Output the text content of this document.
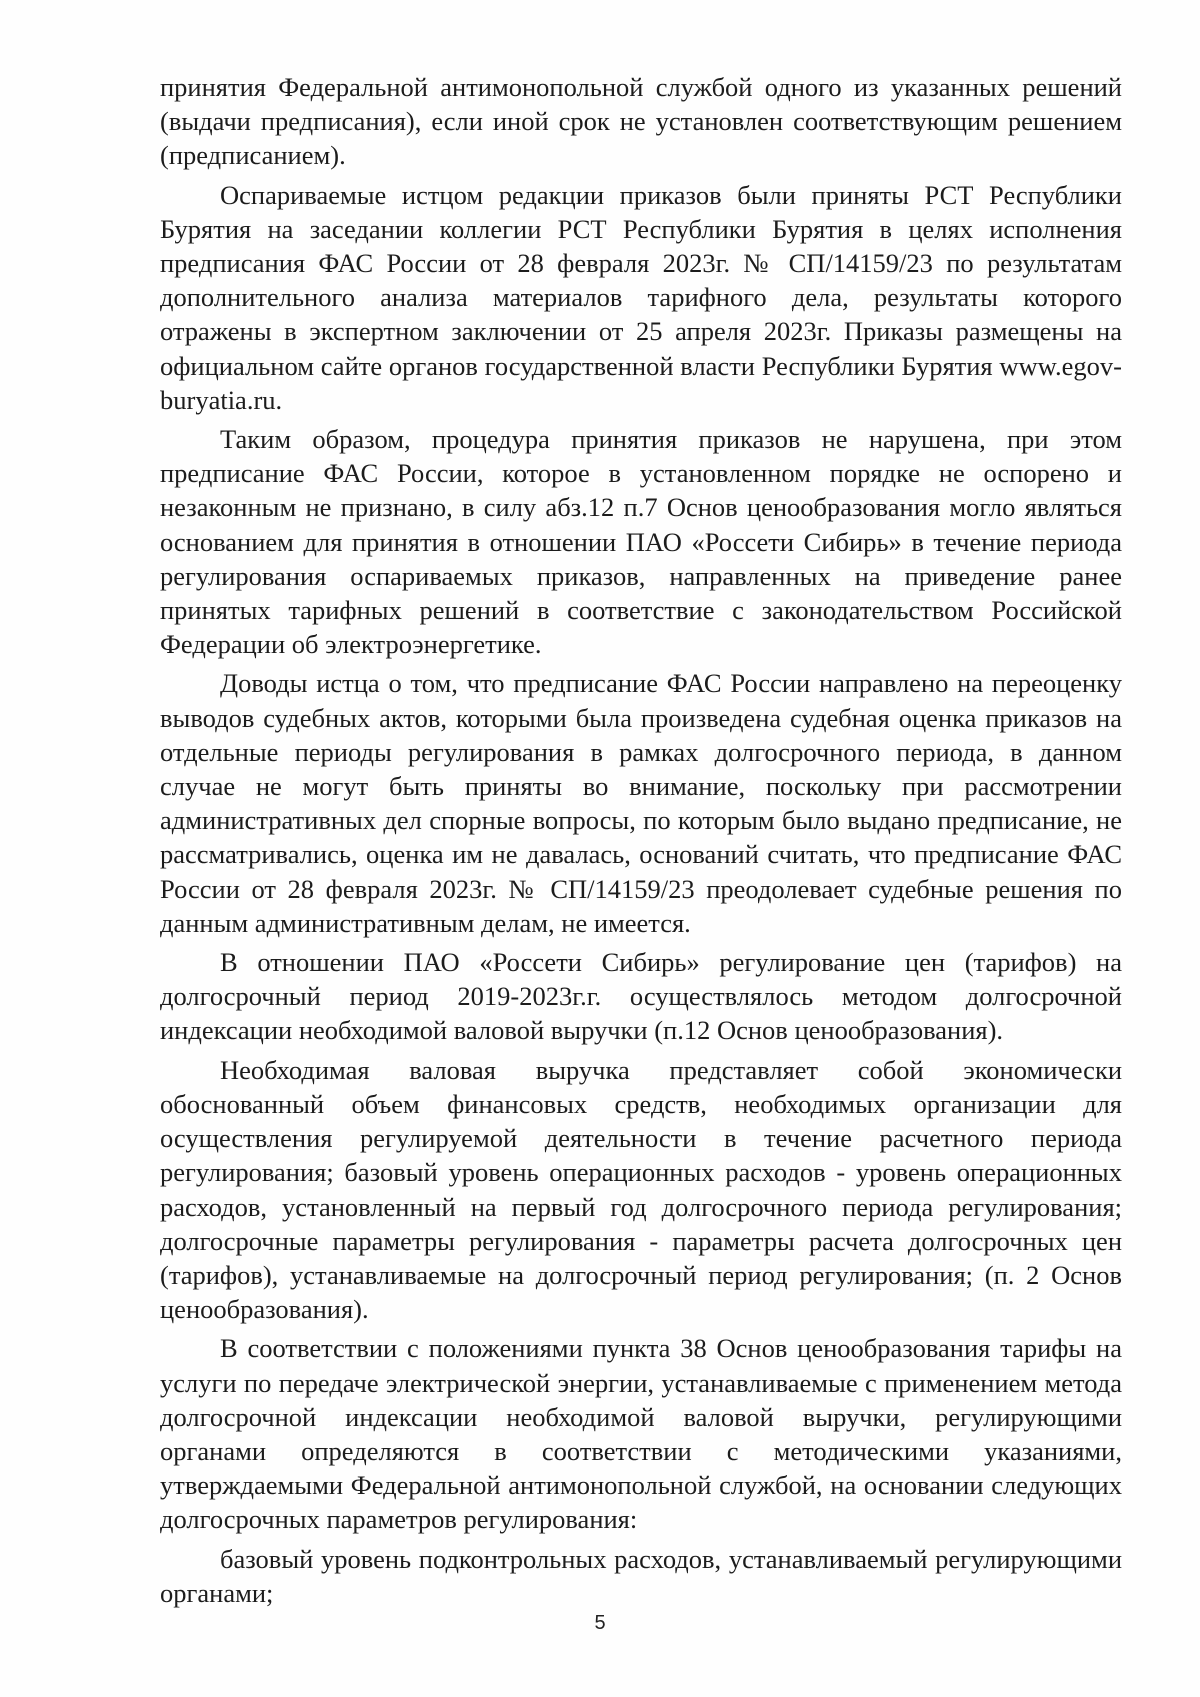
принятия Федеральной антимонопольной службой одного из указанных решений (выдачи предписания), если иной срок не установлен соответствующим решением (предписанием).

Оспариваемые истцом редакции приказов были приняты РСТ Республики Бурятия на заседании коллегии РСТ Республики Бурятия в целях исполнения предписания ФАС России от 28 февраля 2023г. № СП/14159/23 по результатам дополнительного анализа материалов тарифного дела, результаты которого отражены в экспертном заключении от 25 апреля 2023г. Приказы размещены на официальном сайте органов государственной власти Республики Бурятия www.egov-buryatia.ru.

Таким образом, процедура принятия приказов не нарушена, при этом предписание ФАС России, которое в установленном порядке не оспорено и незаконным не признано, в силу абз.12 п.7 Основ ценообразования могло являться основанием для принятия в отношении ПАО «Россети Сибирь» в течение периода регулирования оспариваемых приказов, направленных на приведение ранее принятых тарифных решений в соответствие с законодательством Российской Федерации об электроэнергетике.

Доводы истца о том, что предписание ФАС России направлено на переоценку выводов судебных актов, которыми была произведена судебная оценка приказов на отдельные периоды регулирования в рамках долгосрочного периода, в данном случае не могут быть приняты во внимание, поскольку при рассмотрении административных дел спорные вопросы, по которым было выдано предписание, не рассматривались, оценка им не давалась, оснований считать, что предписание ФАС России от 28 февраля 2023г. № СП/14159/23 преодолевает судебные решения по данным административным делам, не имеется.

В отношении ПАО «Россети Сибирь» регулирование цен (тарифов) на долгосрочный период 2019-2023г.г. осуществлялось методом долгосрочной индексации необходимой валовой выручки (п.12 Основ ценообразования).

Необходимая валовая выручка представляет собой экономически обоснованный объем финансовых средств, необходимых организации для осуществления регулируемой деятельности в течение расчетного периода регулирования; базовый уровень операционных расходов - уровень операционных расходов, установленный на первый год долгосрочного периода регулирования; долгосрочные параметры регулирования - параметры расчета долгосрочных цен (тарифов), устанавливаемые на долгосрочный период регулирования; (п. 2 Основ ценообразования).

В соответствии с положениями пункта 38 Основ ценообразования тарифы на услуги по передаче электрической энергии, устанавливаемые с применением метода долгосрочной индексации необходимой валовой выручки, регулирующими органами определяются в соответствии с методическими указаниями, утверждаемыми Федеральной антимонопольной службой, на основании следующих долгосрочных параметров регулирования:

базовый уровень подконтрольных расходов, устанавливаемый регулирующими органами;

5
